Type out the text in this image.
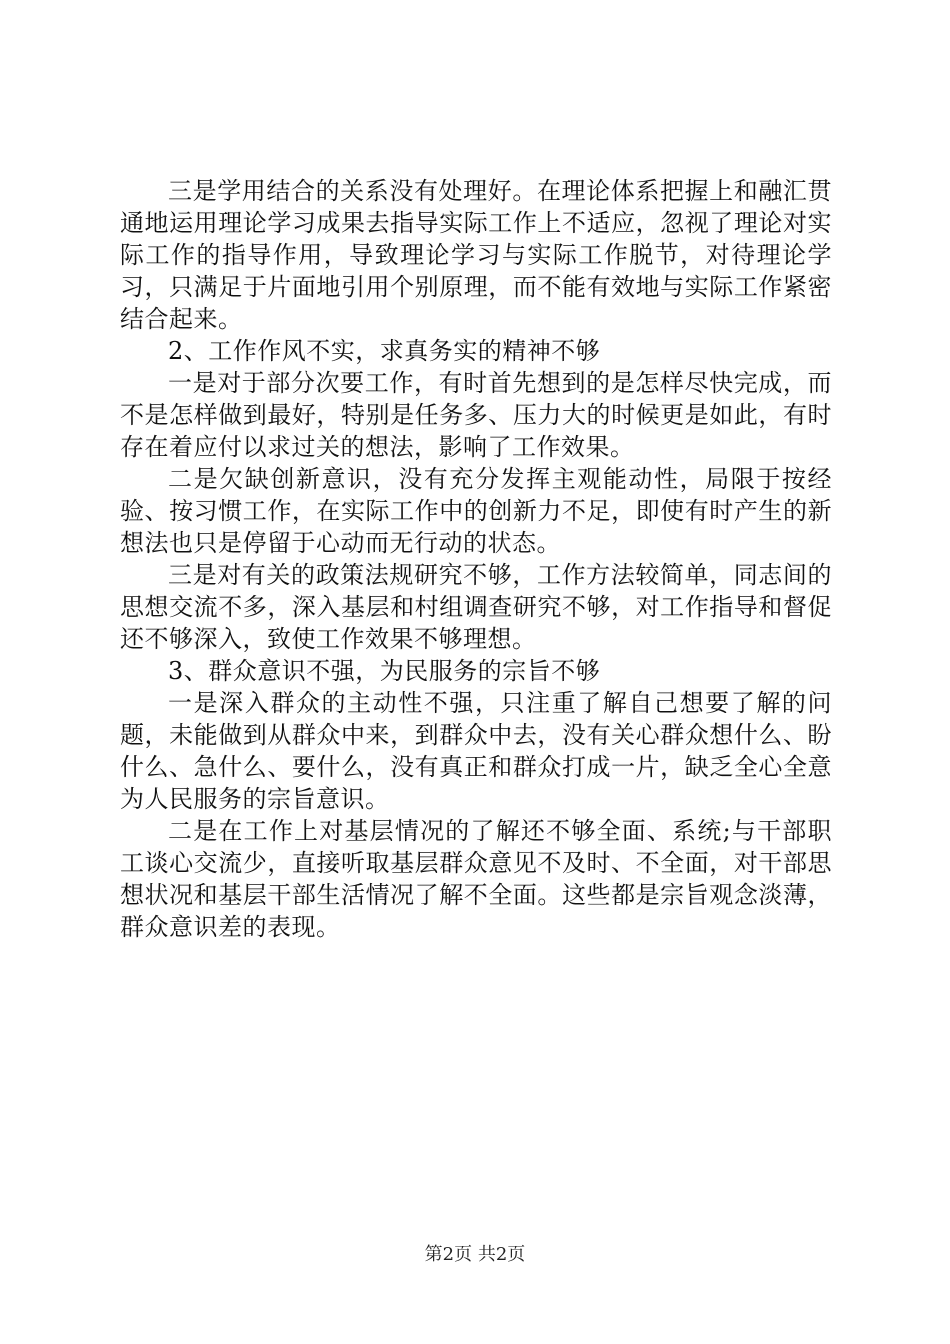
三是学用结合的关系没有处理好。在理论体系把握上和融汇贯通地运用理论学习成果去指导实际工作上不适应，忽视了理论对实际工作的指导作用，导致理论学习与实际工作脱节，对待理论学习，只满足于片面地引用个别原理，而不能有效地与实际工作紧密结合起来。

2、工作作风不实，求真务实的精神不够

一是对于部分次要工作，有时首先想到的是怎样尽快完成，而不是怎样做到最好，特别是任务多、压力大的时候更是如此，有时存在着应付以求过关的想法，影响了工作效果。

二是欠缺创新意识，没有充分发挥主观能动性，局限于按经验、按习惯工作，在实际工作中的创新力不足，即使有时产生的新想法也只是停留于心动而无行动的状态。

三是对有关的政策法规研究不够，工作方法较简单，同志间的思想交流不多，深入基层和村组调查研究不够，对工作指导和督促还不够深入，致使工作效果不够理想。

3、群众意识不强，为民服务的宗旨不够

一是深入群众的主动性不强，只注重了解自己想要了解的问题，未能做到从群众中来，到群众中去，没有关心群众想什么、盼什么、急什么、要什么，没有真正和群众打成一片，缺乏全心全意为人民服务的宗旨意识。

二是在工作上对基层情况的了解还不够全面、系统;与干部职工谈心交流少，直接听取基层群众意见不及时、不全面，对干部思想状况和基层干部生活情况了解不全面。这些都是宗旨观念淡薄，群众意识差的表现。

第2页 共2页
